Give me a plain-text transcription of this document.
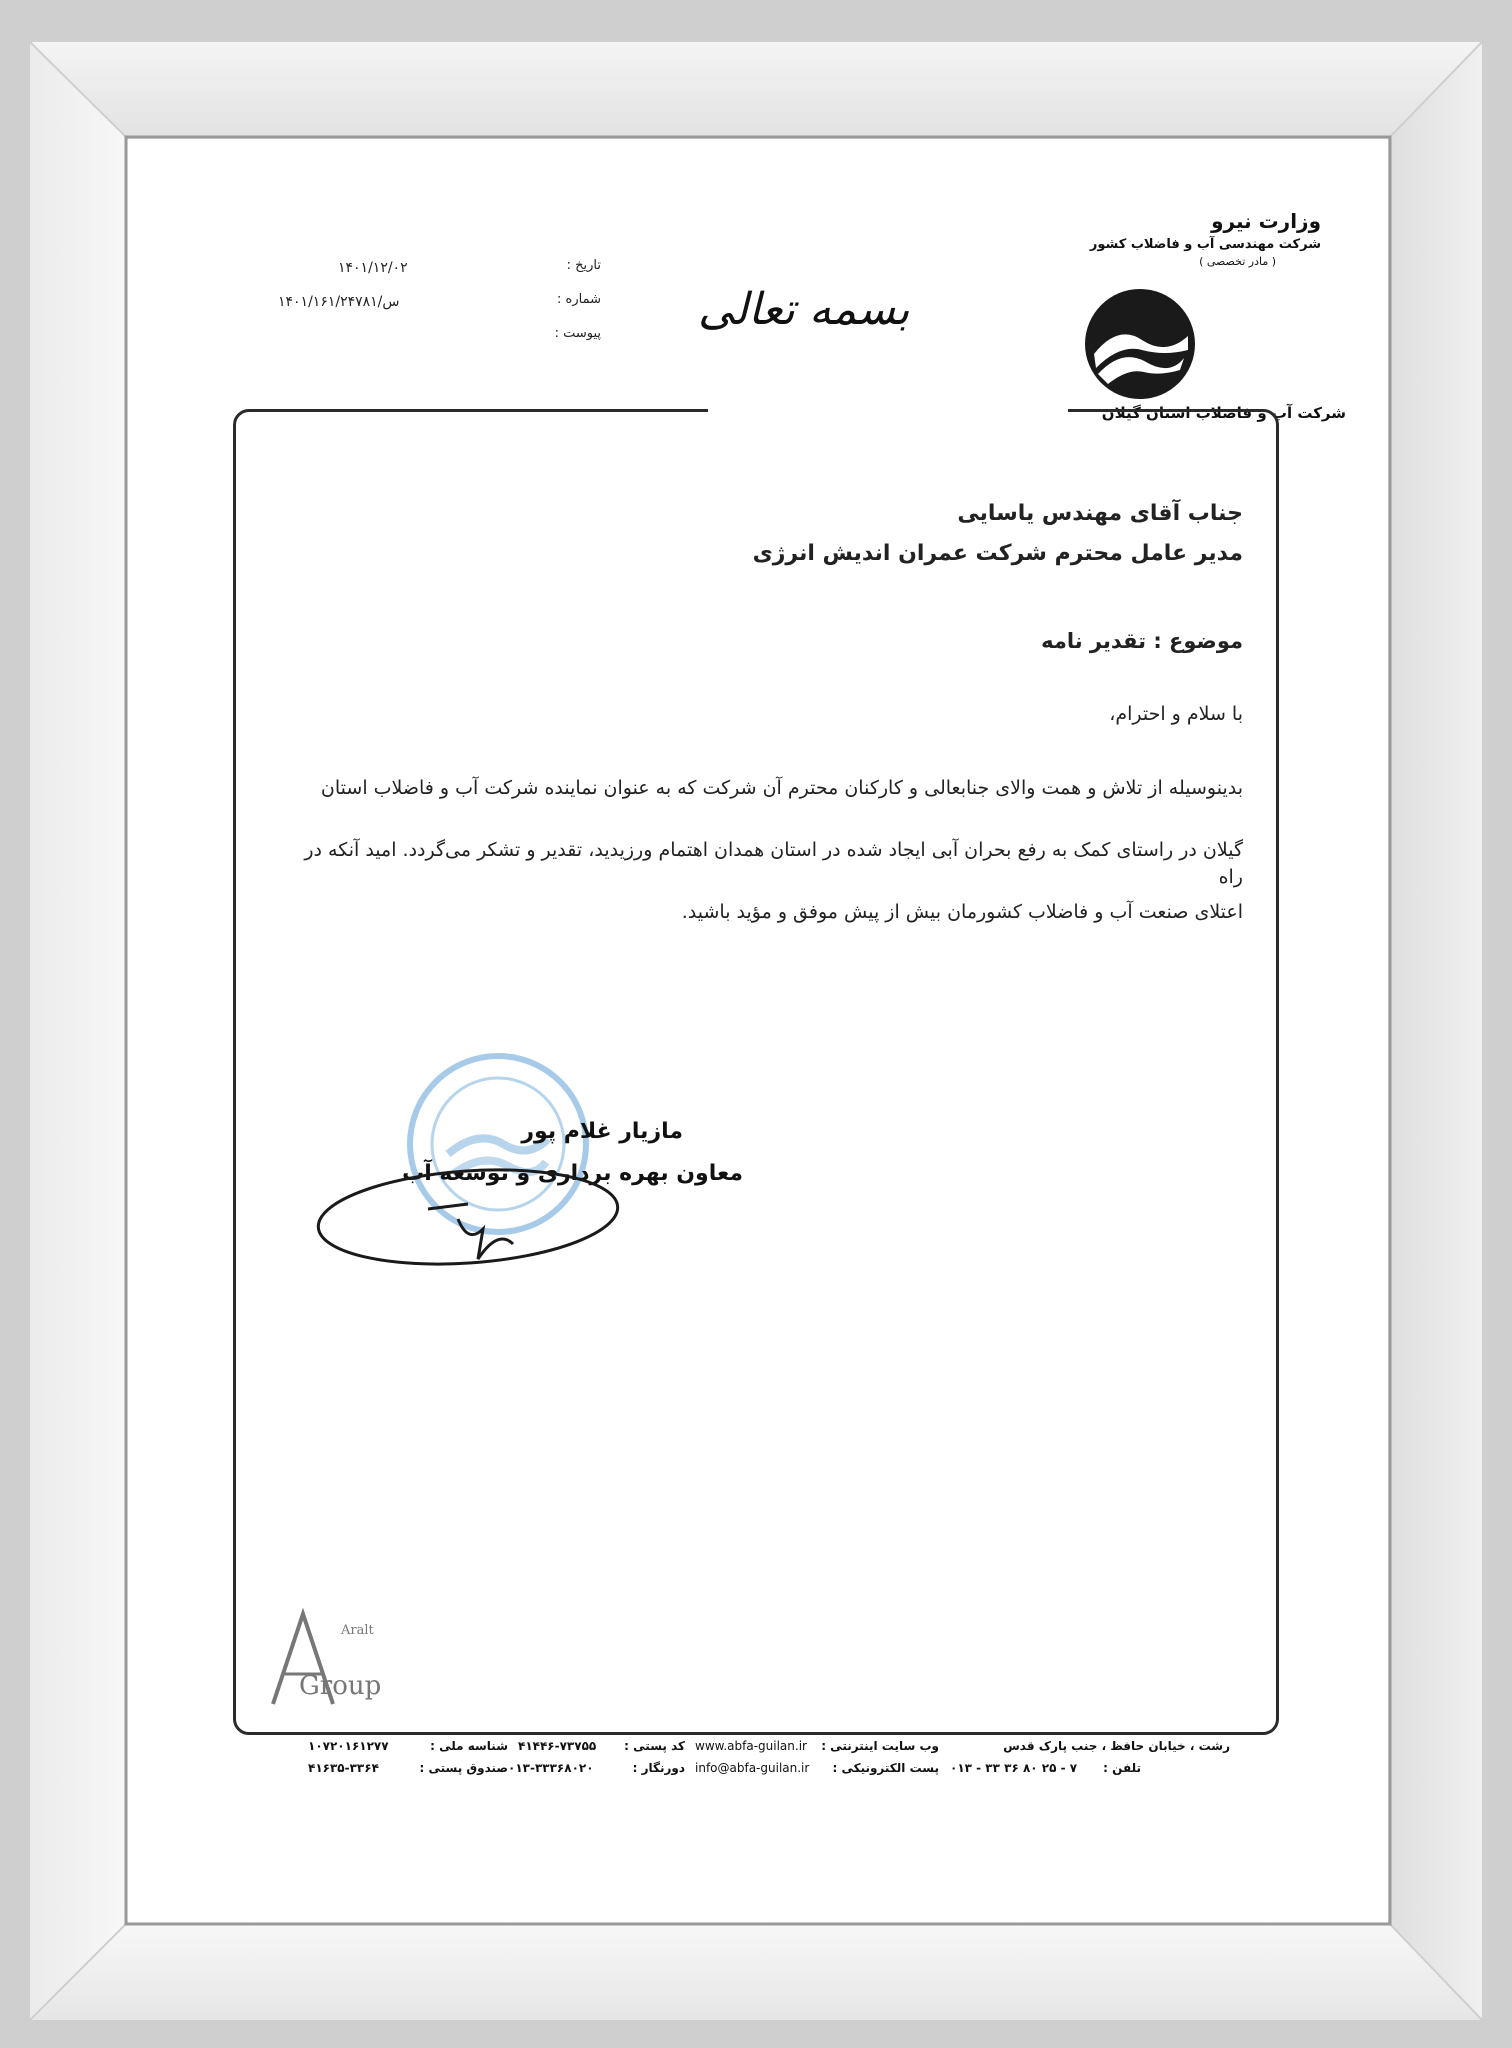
وزارت نیرو
شرکت مهندسی آب و فاضلاب کشور
( مادر تخصصی )
شرکت آب و فاضلاب استان گیلان
بسمه تعالی
تاریخ :
۱۴۰۱/۱۲/۰۲
شماره :
۱۴۰۱/۱۶۱/۲۴۷۸۱/س
پیوست :
جناب آقای مهندس یاسایی
مدیر عامل محترم شرکت عمران اندیش انرژی
موضوع : تقدیر نامه
با سلام و احترام،
بدینوسیله از تلاش و همت والای جنابعالی و کارکنان محترم آن شرکت که به عنوان نماینده شرکت آب و فاضلاب استان
گیلان در راستای کمک به رفع بحران آبی ایجاد شده در استان همدان اهتمام ورزیدید، تقدیر و تشکر می‌گردد. امید آنکه در راه
اعتلای صنعت آب و فاضلاب کشورمان بیش از پیش موفق و مؤید باشید.
مازیار غلام پور
معاون بهره برداری و توسعه آب
Aralt
Group
رشت ، خیابان حافظ ، جنب پارک قدس
تلفن :
۰۱۳ - ۳۳ ۳۶ ۸۰ ۲۵ - ۷
وب سایت اینترنتی :
www.abfa-guilan.ir
پست الکترونیکی :
info@abfa-guilan.ir
کد پستی :
۴۱۴۴۶-۷۳۷۵۵
دورنگار :
۰۱۳-۳۳۳۶۸۰۲۰
شناسه ملی :
۱۰۷۲۰۱۶۱۲۷۷
صندوق پستی :
۴۱۶۳۵-۳۳۶۴
